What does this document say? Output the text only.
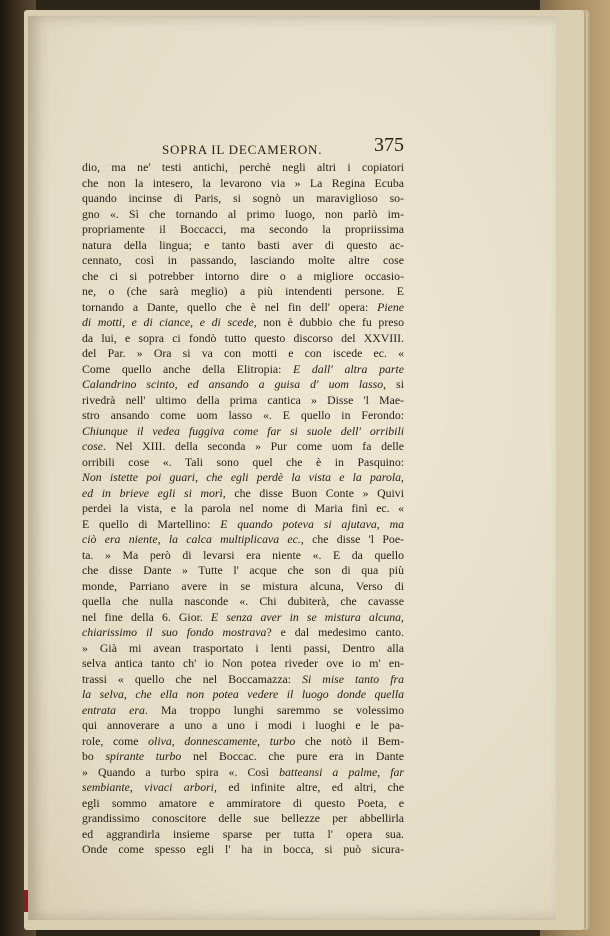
SOPRA IL DECAMERON.	375
dio, ma ne' testi antichi, perchè negli altri i copiatori
che non la intesero, la levarono via » La Regina Ecuba
quando incinse di Paris, si sognò un maraviglioso so-
gno «. Sì che tornando al primo luogo, non parlò im-
propriamente il Boccacci, ma secondo la propriissima
natura della lingua; e tanto basti aver di questo ac-
cennato, così in passando, lasciando molte altre cose
che ci si potrebber intorno dire o a migliore occasio-
ne, o (che sarà meglio) a più intendenti persone. E
tornando a Dante, quello che è nel fin dell' opera: Piene
di motti, e di ciance, e di scede, non è dubbio che fu preso
da lui, e sopra ci fondò tutto questo discorso del XXVIII.
del Par. » Ora si va con motti e con iscede ec. «
Come quello anche della Elitropia: E dall' altra parte
Calandrino scinto, ed ansando a guisa d' uom lasso, si
rivedrà nell' ultimo della prima cantica » Disse 'l Mae-
stro ansando come uom lasso «. E quello in Ferondo:
Chiunque il vedea fuggiva come far si suole dell' orribili
cose. Nel XIII. della seconda » Pur come uom fa delle
orribili cose «. Tali sono quel che è in Pasquino:
Non istette poi guari, che egli perdè la vista e la parola,
ed in brieve egli si morì, che disse Buon Conte » Quivi
perdei la vista, e la parola nel nome di Maria finì ec. «
E quello di Martellino: E quando poteva si ajutava, ma
ciò era niente, la calca multiplicava ec., che disse 'l Poe-
ta. » Ma però di levarsi era niente «. E da quello
che disse Dante » Tutte l' acque che son di qua più
monde, Parriano avere in se mistura alcuna, Verso di
quella che nulla nasconde «. Chi dubiterà, che cavasse
nel fine della 6. Gior. E senza aver in se mistura alcuna,
chiarissimo il suo fondo mostrava? e dal medesimo canto.
» Già mi avean trasportato i lenti passi, Dentro alla
selva antica tanto ch' io Non potea riveder ove io m' en-
trassi « quello che nel Boccamazza: Si mise tanto fra
la selva, che ella non potea vedere il luogo donde quella
entrata era. Ma troppo lunghi saremmo se volessimo
qui annoverare a uno a uno i modi i luoghi e le pa-
role, come oliva, donnescamente, turbo che notò il Bem-
bo spirante turbo nel Boccac. che pure era in Dante
» Quando a turbo spira «. Così batteansi a palme, far
sembiante, vivaci arbori, ed infinite altre, ed altri, che
egli sommo amatore e ammiratore di questo Poeta, e
grandissimo conoscitore delle sue bellezze per abbellirla
ed aggrandirla insieme sparse per tutta l' opera sua.
Onde come spesso egli l' ha in bocca, si può sicura-
